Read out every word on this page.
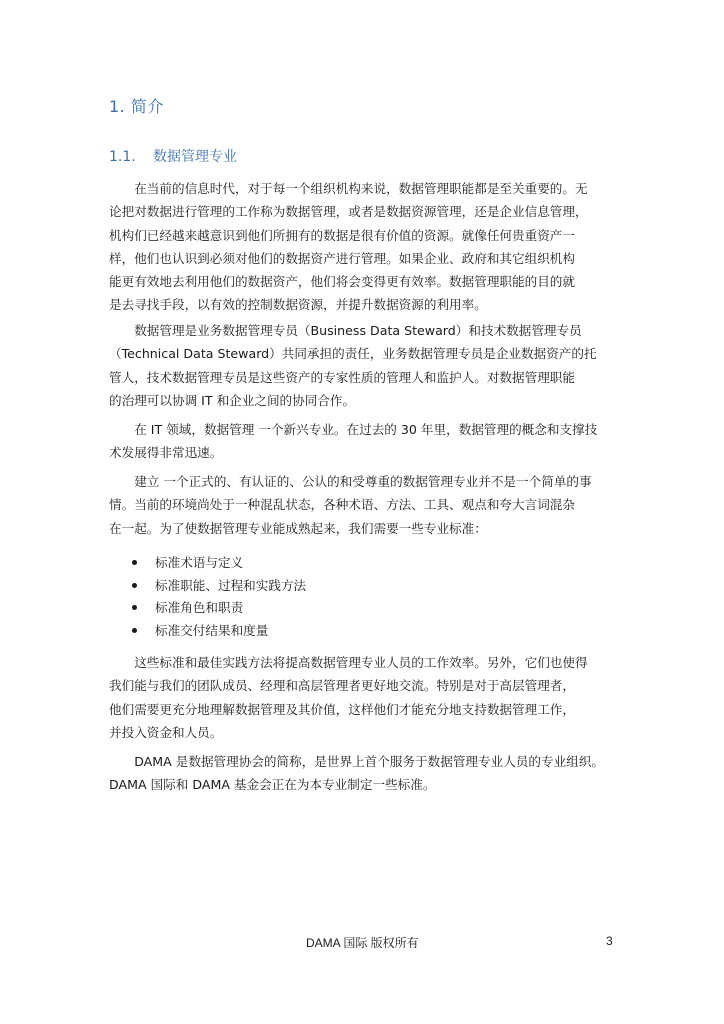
1. 简介
1.1. 数据管理专业

　　在当前的信息时代，对于每一个组织机构来说，数据管理职能都是至关重要的。无
论把对数据进行管理的工作称为数据管理，或者是数据资源管理，还是企业信息管理，
机构们已经越来越意识到他们所拥有的数据是很有价值的资源。就像任何贵重资产一
样，他们也认识到必须对他们的数据资产进行管理。如果企业、政府和其它组织机构
能更有效地去利用他们的数据资产，他们将会变得更有效率。数据管理职能的目的就
是去寻找手段，以有效的控制数据资源，并提升数据资源的利用率。

　　数据管理是业务数据管理专员（Business Data Steward）和技术数据管理专员
（Technical Data Steward）共同承担的责任，业务数据管理专员是企业数据资产的托
管人，技术数据管理专员是这些资产的专家性质的管理人和监护人。对数据管理职能
的治理可以协调 IT 和企业之间的协同合作。

　　在 IT 领域，数据管理 一个新兴专业。在过去的 30 年里，数据管理的概念和支撑技
术发展得非常迅速。

　　建立 一个正式的、有认证的、公认的和受尊重的数据管理专业并不是一个简单的事
情。当前的环境尚处于一种混乱状态，各种术语、方法、工具、观点和夸大言词混杂
在一起。为了使数据管理专业能成熟起来，我们需要一些专业标准：

标准术语与定义
标准职能、过程和实践方法
标准角色和职责
标准交付结果和度量

　　这些标准和最佳实践方法将提高数据管理专业人员的工作效率。另外，它们也使得
我们能与我们的团队成员、经理和高层管理者更好地交流。特别是对于高层管理者，
他们需要更充分地理解数据管理及其价值，这样他们才能充分地支持数据管理工作，
并投入资金和人员。

　　DAMA 是数据管理协会的简称，是世界上首个服务于数据管理专业人员的专业组织。
DAMA 国际和 DAMA 基金会正在为本专业制定一些标准。

DAMA 国际 版权所有	3
